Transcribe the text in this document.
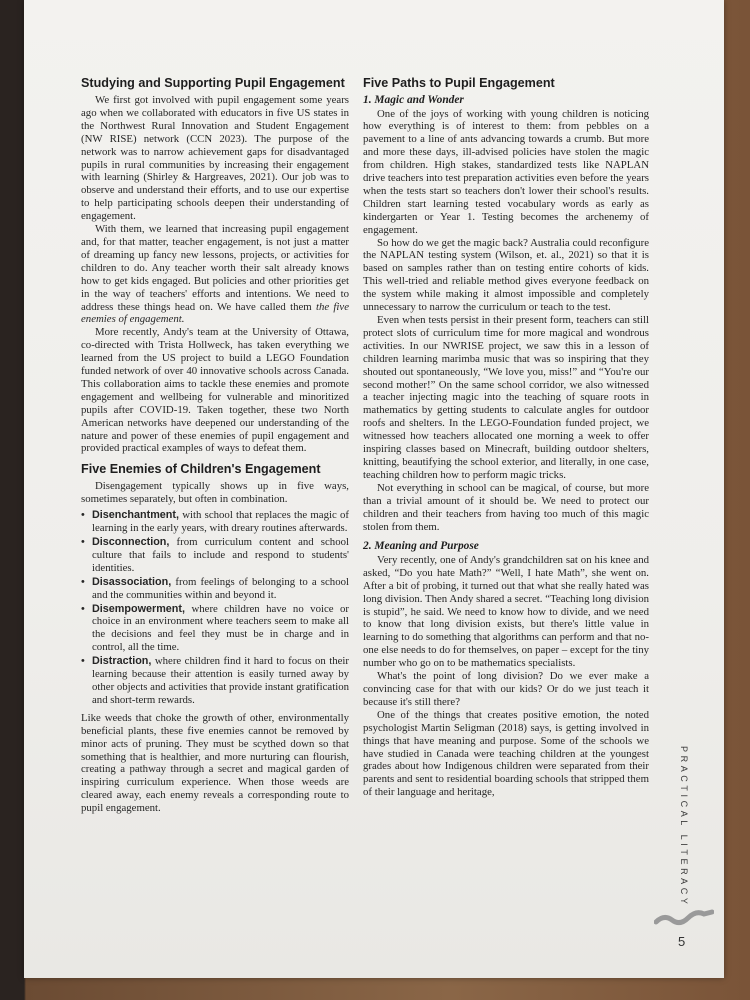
Studying and Supporting Pupil Engagement

We first got involved with pupil engagement some years ago when we collaborated with educators in five US states in the Northwest Rural Innovation and Student Engagement (NW RISE) network (CCN 2023). The purpose of the network was to narrow achievement gaps for disadvantaged pupils in rural communities by increasing their engagement with learning (Shirley & Hargreaves, 2021). Our job was to observe and understand their efforts, and to use our expertise to help participating schools deepen their understanding of engagement.

With them, we learned that increasing pupil engagement and, for that matter, teacher engagement, is not just a matter of dreaming up fancy new lessons, projects, or activities for children to do. Any teacher worth their salt already knows how to get kids engaged. But policies and other priorities get in the way of teachers' efforts and intentions. We need to address these things head on. We have called them the five enemies of engagement.

More recently, Andy's team at the University of Ottawa, co-directed with Trista Hollweck, has taken everything we learned from the US project to build a LEGO Foundation funded network of over 40 innovative schools across Canada. This collaboration aims to tackle these enemies and promote engagement and wellbeing for vulnerable and minoritized pupils after COVID-19. Taken together, these two North American networks have deepened our understanding of the nature and power of these enemies of pupil engagement and provided practical examples of ways to defeat them.

Five Enemies of Children's Engagement

Disengagement typically shows up in five ways, sometimes separately, but often in combination.

• Disenchantment, with school that replaces the magic of learning in the early years, with dreary routines afterwards.
• Disconnection, from curriculum content and school culture that fails to include and respond to students' identities.
• Disassociation, from feelings of belonging to a school and the communities within and beyond it.
• Disempowerment, where children have no voice or choice in an environment where teachers seem to make all the decisions and feel they must be in charge and in control, all the time.
• Distraction, where children find it hard to focus on their learning because their attention is easily turned away by other objects and activities that provide instant gratification and short-term rewards.

Like weeds that choke the growth of other, environmentally beneficial plants, these five enemies cannot be removed by minor acts of pruning. They must be scythed down so that something that is healthier, and more nurturing can flourish, creating a pathway through a secret and magical garden of inspiring curriculum experience. When those weeds are cleared away, each enemy reveals a corresponding route to pupil engagement.

Five Paths to Pupil Engagement
1. Magic and Wonder

One of the joys of working with young children is noticing how everything is of interest to them: from pebbles on a pavement to a line of ants advancing towards a crumb. But more and more these days, ill-advised policies have stolen the magic from children. High stakes, standardized tests like NAPLAN drive teachers into test preparation activities even before the years when the tests start so teachers don't lower their school's results. Children start learning tested vocabulary words as early as kindergarten or Year 1. Testing becomes the archenemy of engagement.

So how do we get the magic back? Australia could reconfigure the NAPLAN testing system (Wilson, et. al., 2021) so that it is based on samples rather than on testing entire cohorts of kids. This well-tried and reliable method gives everyone feedback on the system while making it almost impossible and completely unnecessary to narrow the curriculum or teach to the test.

Even when tests persist in their present form, teachers can still protect slots of curriculum time for more magical and wondrous activities. In our NWRISE project, we saw this in a lesson of children learning marimba music that was so inspiring that they shouted out spontaneously, “We love you, miss!” and “You're our second mother!” On the same school corridor, we also witnessed a teacher injecting magic into the teaching of square roots in mathematics by getting students to calculate angles for outdoor roofs and shelters. In the LEGO-Foundation funded project, we witnessed how teachers allocated one morning a week to offer inspiring classes based on Minecraft, building outdoor shelters, knitting, beautifying the school exterior, and literally, in one case, teaching children how to perform magic tricks.

Not everything in school can be magical, of course, but more than a trivial amount of it should be. We need to protect our children and their teachers from having too much of this magic stolen from them.

2. Meaning and Purpose

Very recently, one of Andy's grandchildren sat on his knee and asked, “Do you hate Math?” “Well, I hate Math”, she went on. After a bit of probing, it turned out that what she really hated was long division. Then Andy shared a secret. “Teaching long division is stupid”, he said. We need to know how to divide, and we need to know that long division exists, but there's little value in learning to do something that algorithms can perform and that no-one else needs to do for themselves, on paper – except for the tiny number who go on to be mathematics specialists.

What's the point of long division? Do we ever make a convincing case for that with our kids? Or do we just teach it because it's still there?

One of the things that creates positive emotion, the noted psychologist Martin Seligman (2018) says, is getting involved in things that have meaning and purpose. Some of the schools we have studied in Canada were teaching children at the youngest grades about how Indigenous children were separated from their parents and sent to residential boarding schools that stripped them of their language and heritage,	PRACTICAL LITERACY
5
